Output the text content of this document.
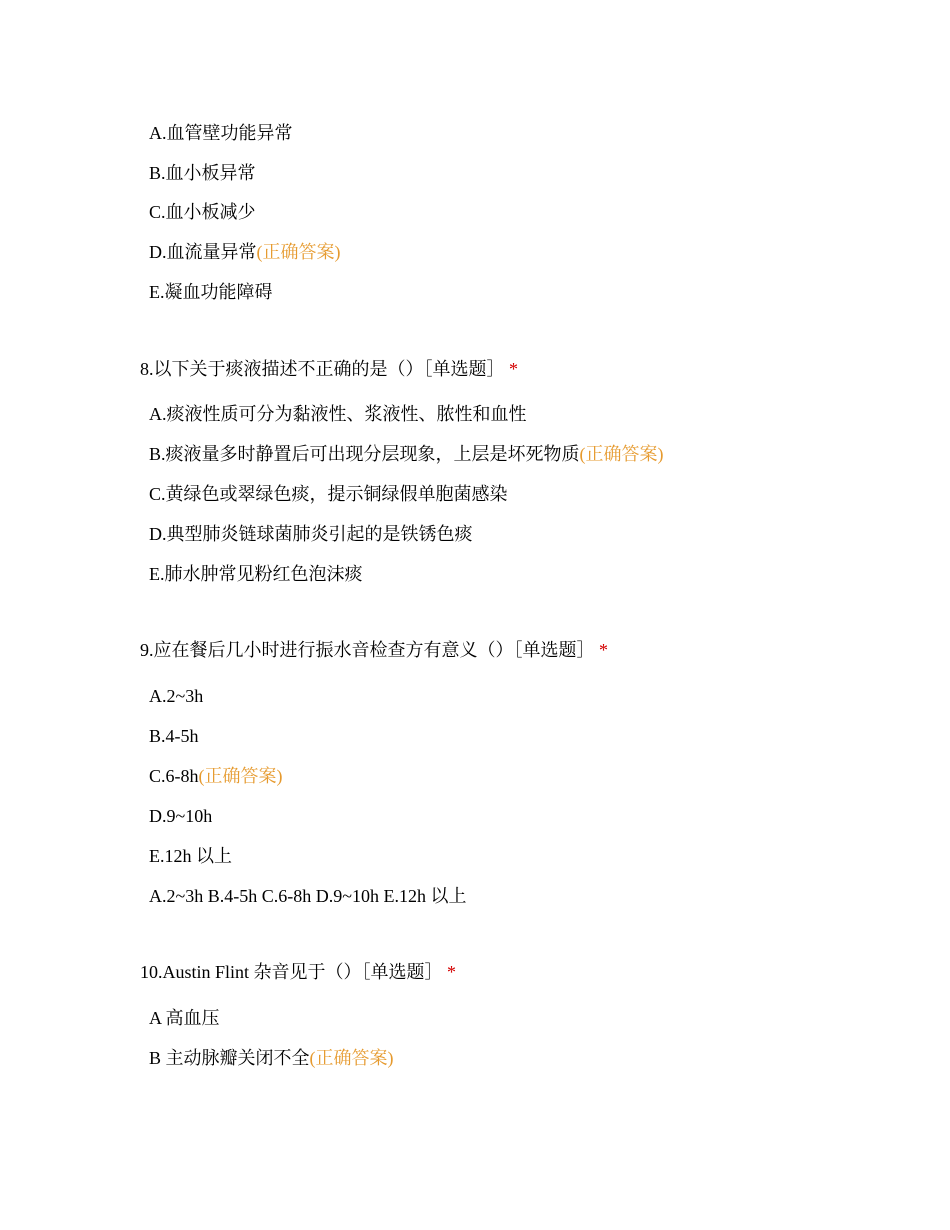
A.血管壁功能异常
B.血小板异常
C.血小板减少
D.血流量异常(正确答案)
E.凝血功能障碍
8.以下关于痰液描述不正确的是（）［单选题］ *
A.痰液性质可分为黏液性、浆液性、脓性和血性
B.痰液量多时静置后可出现分层现象，上层是坏死物质(正确答案)
C.黄绿色或翠绿色痰，提示铜绿假单胞菌感染
D.典型肺炎链球菌肺炎引起的是铁锈色痰
E.肺水肿常见粉红色泡沫痰
9.应在餐后几小时进行振水音检查方有意义（）［单选题］ *
A.2~3h
B.4-5h
C.6-8h(正确答案)
D.9~10h
E.12h 以上
A.2~3h B.4-5h C.6-8h D.9~10h E.12h 以上
10.Austin Flint 杂音见于（）［单选题］ *
A 高血压
B 主动脉瓣关闭不全(正确答案)
